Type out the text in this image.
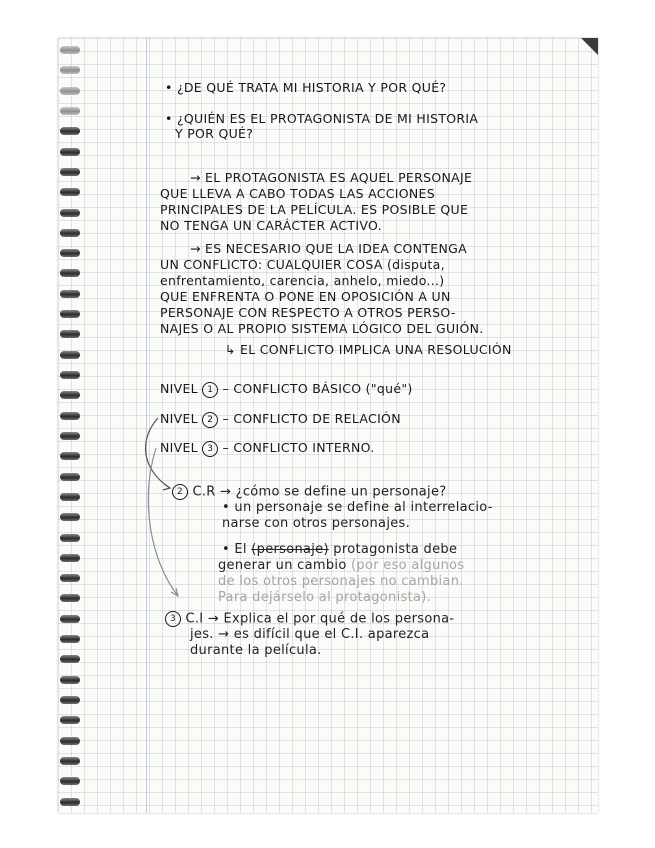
• ¿DE QUÉ TRATA MI HISTORIA Y POR QUÉ?
• ¿QUIÉN ES EL PROTAGONISTA DE MI HISTORIA
Y POR QUÉ?
→ EL PROTAGONISTA ES AQUEL PERSONAJE
QUE LLEVA A CABO TODAS LAS ACCIONES
PRINCIPALES DE LA PELÍCULA. ES POSIBLE QUE
NO TENGA UN CARÁCTER ACTIVO.
→ ES NECESARIO QUE LA IDEA CONTENGA
UN CONFLICTO: CUALQUIER COSA (disputa,
enfrentamiento, carencia, anhelo, miedo...)
QUE ENFRENTA O PONE EN OPOSICIÓN A UN
PERSONAJE CON RESPECTO A OTROS PERSO-
NAJES O AL PROPIO SISTEMA LÓGICO DEL GUIÓN.
↳ EL CONFLICTO IMPLICA UNA RESOLUCIÓN
NIVEL 1 – CONFLICTO BÁSICO ("qué")
NIVEL 2 – CONFLICTO DE RELACIÓN
NIVEL 3 – CONFLICTO INTERNO.
2 C.R → ¿cómo se define un personaje?
• un personaje se define al interrelacio-
narse con otros personajes.
• El (personaje) protagonista debe
generar un cambio (por eso algunos
de los otros personajes no cambian.
Para dejárselo al protagonista).
3 C.I → Explica el por qué de los persona-
jes. → es difícil que el C.I. aparezca
durante la película.
